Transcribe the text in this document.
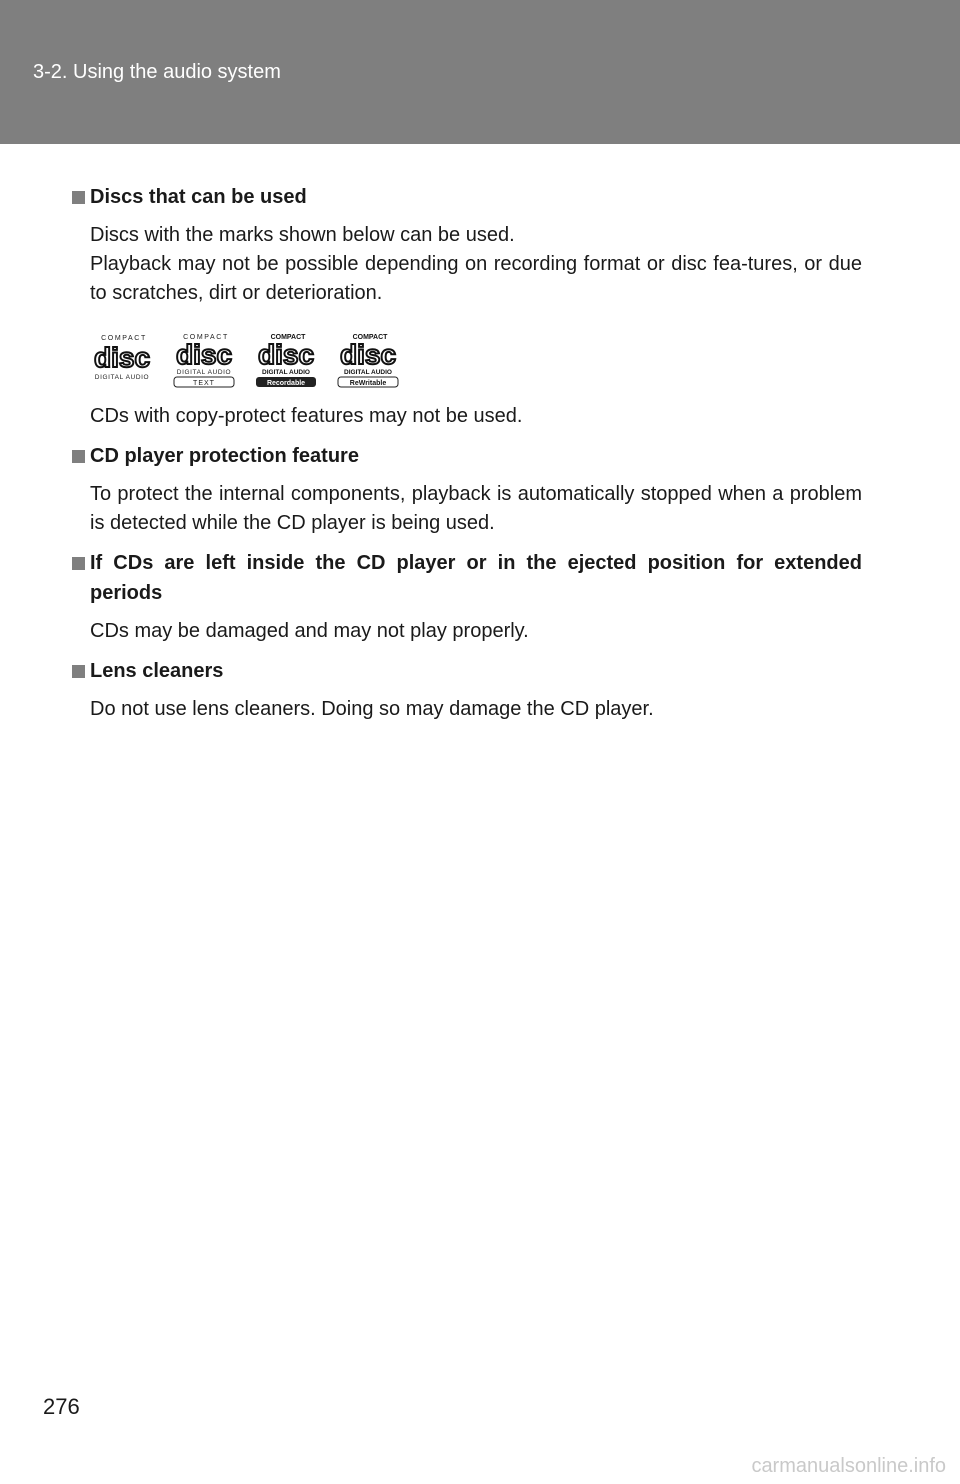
3-2. Using the audio system
Discs that can be used
Discs with the marks shown below can be used.
Playback may not be possible depending on recording format or disc fea-tures, or due to scratches, dirt or deterioration.
COMPACT
disc
DIGITAL AUDIO
COMPACT
disc
DIGITAL AUDIO
TEXT
COMPACT
disc
DIGITAL AUDIO
Recordable
COMPACT
disc
DIGITAL AUDIO
ReWritable
CDs with copy-protect features may not be used.
CD player protection feature
To protect the internal components, playback is automatically stopped when a problem is detected while the CD player is being used.
If CDs are left inside the CD player or in the ejected position for extended periods
CDs may be damaged and may not play properly.
Lens cleaners
Do not use lens cleaners. Doing so may damage the CD player.
276
carmanualsonline.info
